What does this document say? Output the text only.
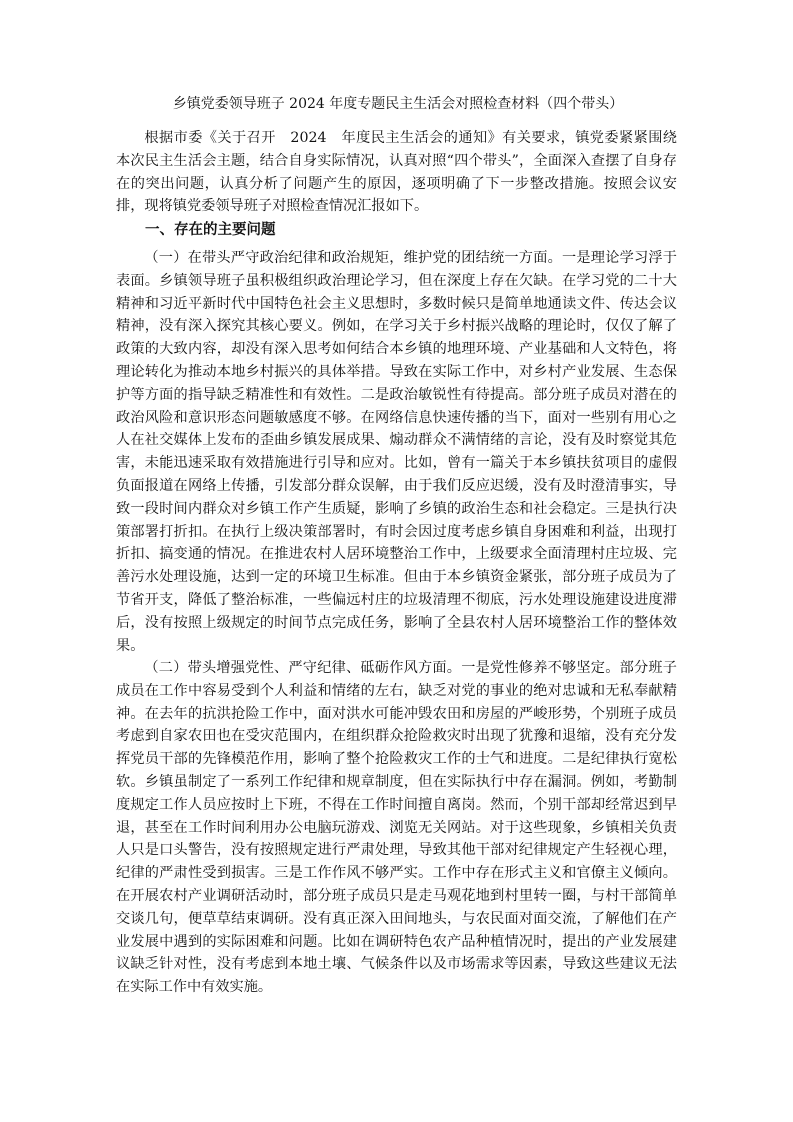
乡镇党委领导班子 2024 年度专题民主生活会对照检查材料（四个带头）
根据市委《关于召开　2024　年度民主生活会的通知》有关要求，镇党委紧紧围绕本次民主生活会主题，结合自身实际情况，认真对照“四个带头”，全面深入查摆了自身存在的突出问题，认真分析了问题产生的原因，逐项明确了下一步整改措施。按照会议安排，现将镇党委领导班子对照检查情况汇报如下。
一、存在的主要问题
（一）在带头严守政治纪律和政治规矩，维护党的团结统一方面。一是理论学习浮于表面。乡镇领导班子虽积极组织政治理论学习，但在深度上存在欠缺。在学习党的二十大精神和习近平新时代中国特色社会主义思想时，多数时候只是简单地通读文件、传达会议精神，没有深入探究其核心要义。例如，在学习关于乡村振兴战略的理论时，仅仅了解了政策的大致内容，却没有深入思考如何结合本乡镇的地理环境、产业基础和人文特色，将理论转化为推动本地乡村振兴的具体举措。导致在实际工作中，对乡村产业发展、生态保护等方面的指导缺乏精准性和有效性。二是政治敏锐性有待提高。部分班子成员对潜在的政治风险和意识形态问题敏感度不够。在网络信息快速传播的当下，面对一些别有用心之人在社交媒体上发布的歪曲乡镇发展成果、煽动群众不满情绪的言论，没有及时察觉其危害，未能迅速采取有效措施进行引导和应对。比如，曾有一篇关于本乡镇扶贫项目的虚假负面报道在网络上传播，引发部分群众误解，由于我们反应迟缓，没有及时澄清事实，导致一段时间内群众对乡镇工作产生质疑，影响了乡镇的政治生态和社会稳定。三是执行决策部署打折扣。在执行上级决策部署时，有时会因过度考虑乡镇自身困难和利益，出现打折扣、搞变通的情况。在推进农村人居环境整治工作中，上级要求全面清理村庄垃圾、完善污水处理设施，达到一定的环境卫生标准。但由于本乡镇资金紧张，部分班子成员为了节省开支，降低了整治标准，一些偏远村庄的垃圾清理不彻底，污水处理设施建设进度滞后，没有按照上级规定的时间节点完成任务，影响了全县农村人居环境整治工作的整体效果。
（二）带头增强党性、严守纪律、砥砺作风方面。一是党性修养不够坚定。部分班子成员在工作中容易受到个人利益和情绪的左右，缺乏对党的事业的绝对忠诚和无私奉献精神。在去年的抗洪抢险工作中，面对洪水可能冲毁农田和房屋的严峻形势，个别班子成员考虑到自家农田也在受灾范围内，在组织群众抢险救灾时出现了犹豫和退缩，没有充分发挥党员干部的先锋模范作用，影响了整个抢险救灾工作的士气和进度。二是纪律执行宽松软。乡镇虽制定了一系列工作纪律和规章制度，但在实际执行中存在漏洞。例如，考勤制度规定工作人员应按时上下班，不得在工作时间擅自离岗。然而，个别干部却经常迟到早退，甚至在工作时间利用办公电脑玩游戏、浏览无关网站。对于这些现象，乡镇相关负责人只是口头警告，没有按照规定进行严肃处理，导致其他干部对纪律规定产生轻视心理，纪律的严肃性受到损害。三是工作作风不够严实。工作中存在形式主义和官僚主义倾向。在开展农村产业调研活动时，部分班子成员只是走马观花地到村里转一圈，与村干部简单交谈几句，便草草结束调研。没有真正深入田间地头，与农民面对面交流，了解他们在产业发展中遇到的实际困难和问题。比如在调研特色农产品种植情况时，提出的产业发展建议缺乏针对性，没有考虑到本地土壤、气候条件以及市场需求等因素，导致这些建议无法在实际工作中有效实施。
